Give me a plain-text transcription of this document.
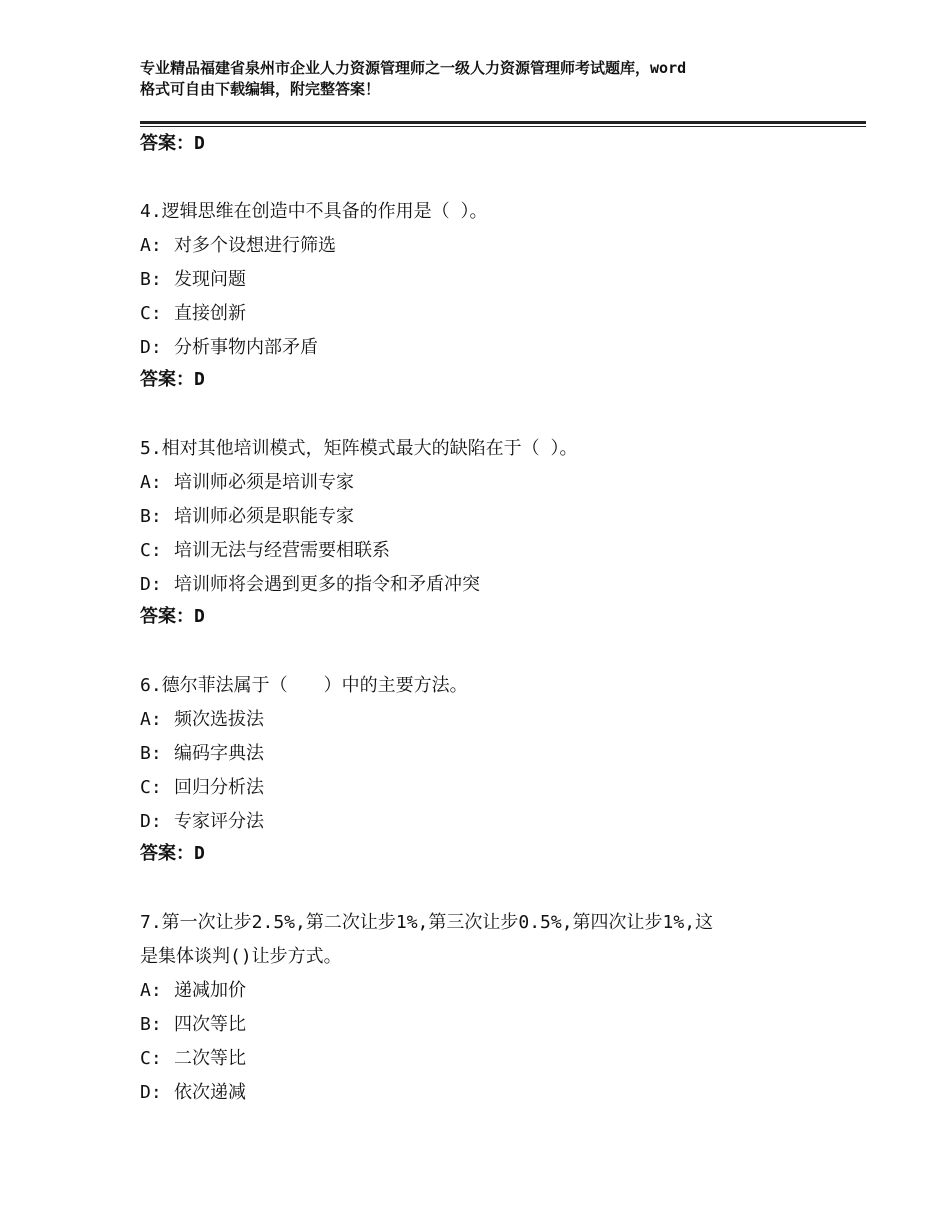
专业精品福建省泉州市企业人力资源管理师之一级人力资源管理师考试题库，word
格式可自由下载编辑，附完整答案！
答案：D
4.逻辑思维在创造中不具备的作用是（ ）。
A: 对多个设想进行筛选
B: 发现问题
C: 直接创新
D: 分析事物内部矛盾
答案：D
5.相对其他培训模式，矩阵模式最大的缺陷在于（ ）。
A: 培训师必须是培训专家
B: 培训师必须是职能专家
C: 培训无法与经营需要相联系
D: 培训师将会遇到更多的指令和矛盾冲突
答案：D
6.德尔菲法属于（　　）中的主要方法。
A: 频次选拔法
B: 编码字典法
C: 回归分析法
D: 专家评分法
答案：D
7.第一次让步2.5%,第二次让步1%,第三次让步0.5%,第四次让步1%,这
是集体谈判()让步方式。
A: 递减加价
B: 四次等比
C: 二次等比
D: 依次递减
